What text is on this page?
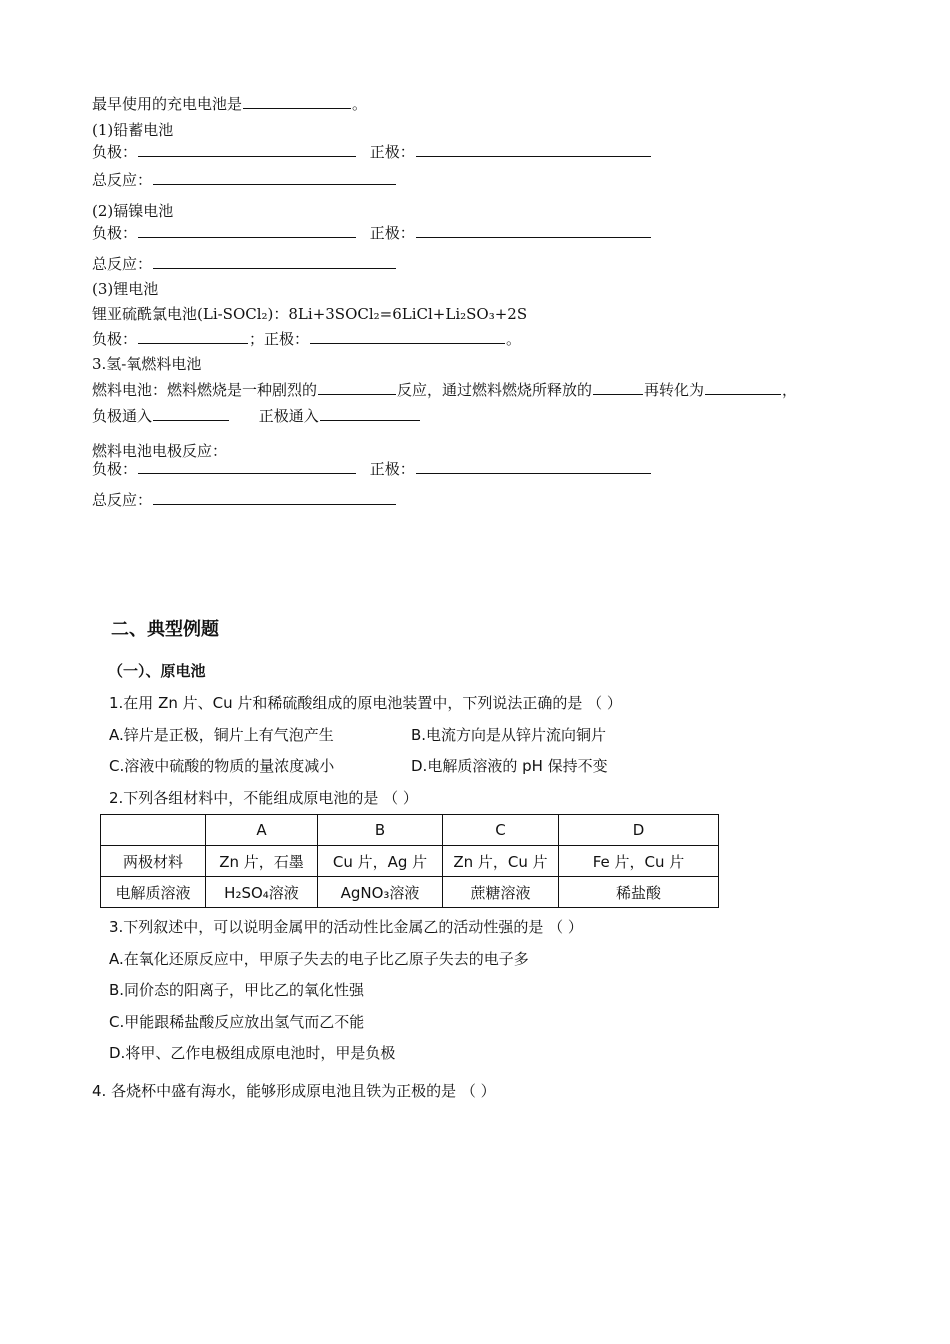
最早使用的充电电池是	。
(1)铅蓄电池
负极：	正极：
总反应：
(2)镉镍电池
负极：	正极：
总反应：
(3)锂电池
锂亚硫酰氯电池(Li-SOCl₂)：8Li+3SOCl₂=6LiCl+Li₂SO₃+2S
负极：	；正极：	。
3.氢-氧燃料电池
燃料电池：燃料燃烧是一种剧烈的	反应，通过燃料燃烧所释放的	再转化为	，
负极通入	正极通入
燃料电池电极反应：
负极：	正极：
总反应：
二、典型例题
（一）、原电池
1.在用 Zn 片、Cu 片和稀硫酸组成的原电池装置中，下列说法正确的是 （ ）
A.锌片是正极，铜片上有气泡产生	B.电流方向是从锌片流向铜片
C.溶液中硫酸的物质的量浓度减小	D.电解质溶液的 pH 保持不变
2.下列各组材料中，不能组成原电池的是 （ ）
	A	B	C	D
两极材料	Zn 片，石墨	Cu 片，Ag 片	Zn 片，Cu 片	Fe 片，Cu 片
电解质溶液	H₂SO₄溶液	AgNO₃溶液	蔗糖溶液	稀盐酸
3.下列叙述中，可以说明金属甲的活动性比金属乙的活动性强的是 （ ）
A.在氧化还原反应中，甲原子失去的电子比乙原子失去的电子多
B.同价态的阳离子，甲比乙的氧化性强
C.甲能跟稀盐酸反应放出氢气而乙不能
D.将甲、乙作电极组成原电池时，甲是负极
4. 各烧杯中盛有海水，能够形成原电池且铁为正极的是 （ ）
